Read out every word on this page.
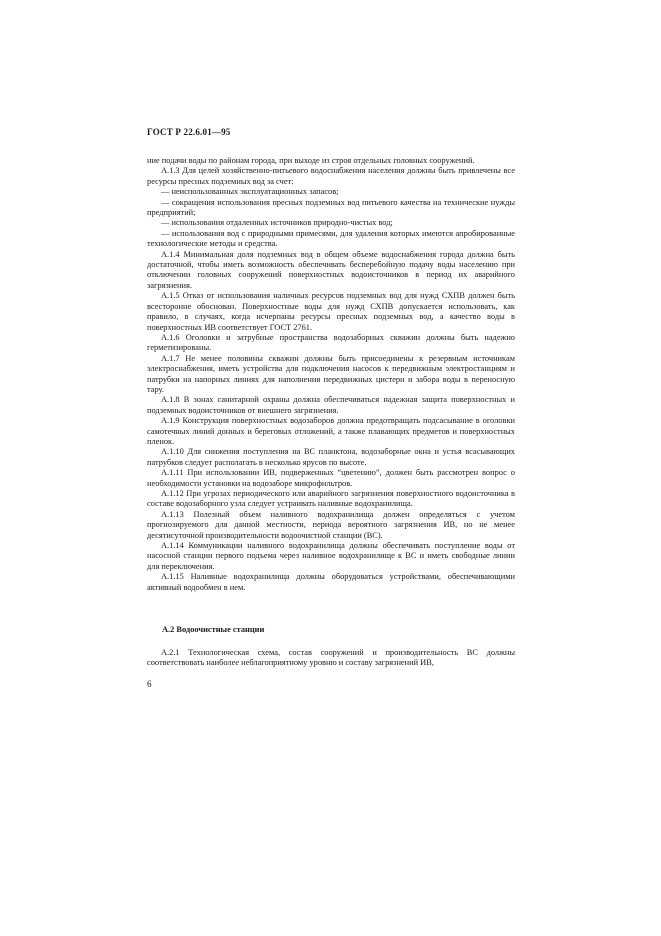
ГОСТ Р 22.6.01—95

ние подачи воды по районам города, при выходе из строя отдельных головных сооружений.

А.1.3 Для целей хозяйственно-питьевого водоснабжения населения должны быть привлечены все ресурсы пресных подземных вод за счет:

— неиспользованных эксплуатационных запасов;

— сокращения использования пресных подземных вод питьевого качества на технические нужды предприятий;

— использования отдаленных источников природно-чистых вод;

— использования вод с природными примесями, для удаления которых имеются апробированные технологические методы и средства.

А.1.4 Минимальная доля подземных вод в общем объеме водоснабжения города должна быть достаточной, чтобы иметь возможность обеспечивать бесперебойную подачу воды населению при отключении головных сооружений поверхностных водоисточников в период их аварийного загрязнения.

А.1.5 Отказ от использования наличных ресурсов подземных вод для нужд СХПВ должен быть всесторонне обоснован. Поверхностные воды для нужд СХПВ допускается использовать, как правило, в случаях, когда исчерпаны ресурсы пресных подземных вод, а качество воды в поверхностных ИВ соответствует ГОСТ 2761.

А.1.6 Оголовки и затрубные пространства водозаборных скважин должны быть надежно герметизированы.

А.1.7 Не менее половины скважин должны быть присоединены к резервным источникам электроснабжения, иметь устройства для подключения насосов к передвижным электростанциям и патрубки на напорных линиях для наполнения передвижных цистерн и забора воды в переносную тару.

А.1.8 В зонах санитарной охраны должна обеспечиваться надежная защита поверхностных и подземных водоисточников от внешнего загрязнения.

А.1.9 Конструкция поверхностных водозаборов должна предотвращать подсасывание в оголовки самотечных линий донных и береговых отложений, а также плавающих предметов и поверхностных пленок.

А.1.10 Для снижения поступления на ВС планктона, водозаборные окна и устья всасывающих патрубков следует располагать в несколько ярусов по высоте.

А.1.11 При использовании ИВ, подверженных “цветению”, должен быть рассмотрен вопрос о необходимости установки на водозаборе микрофильтров.

А.1.12 При угрозах периодического или аварийного загрязнения поверхностного водоисточника в составе водозаборного узла следует устраивать наливные водохранилища.

А.1.13 Полезный объем наливного водохранилища должен определяться с учетом прогнозируемого для данной местности, периода вероятного загрязнения ИВ, но не менее десятисуточной производительности водоочистной станции (ВС).

А.1.14 Коммуникации наливного водохранилища должны обеспечивать поступление воды от насосной станции первого подъема через наливное водохранилище к ВС и иметь свободные линии для переключения.

А.1.15 Наливные водохранилища должны оборудоваться устройствами, обеспечивающими активный водообмен в нем.

А.2 Водоочистные станции

А.2.1 Технологическая схема, состав сооружений и производительность ВС должны соответствовать наиболее неблагоприятному уровню и составу загрязнений ИВ,

6
